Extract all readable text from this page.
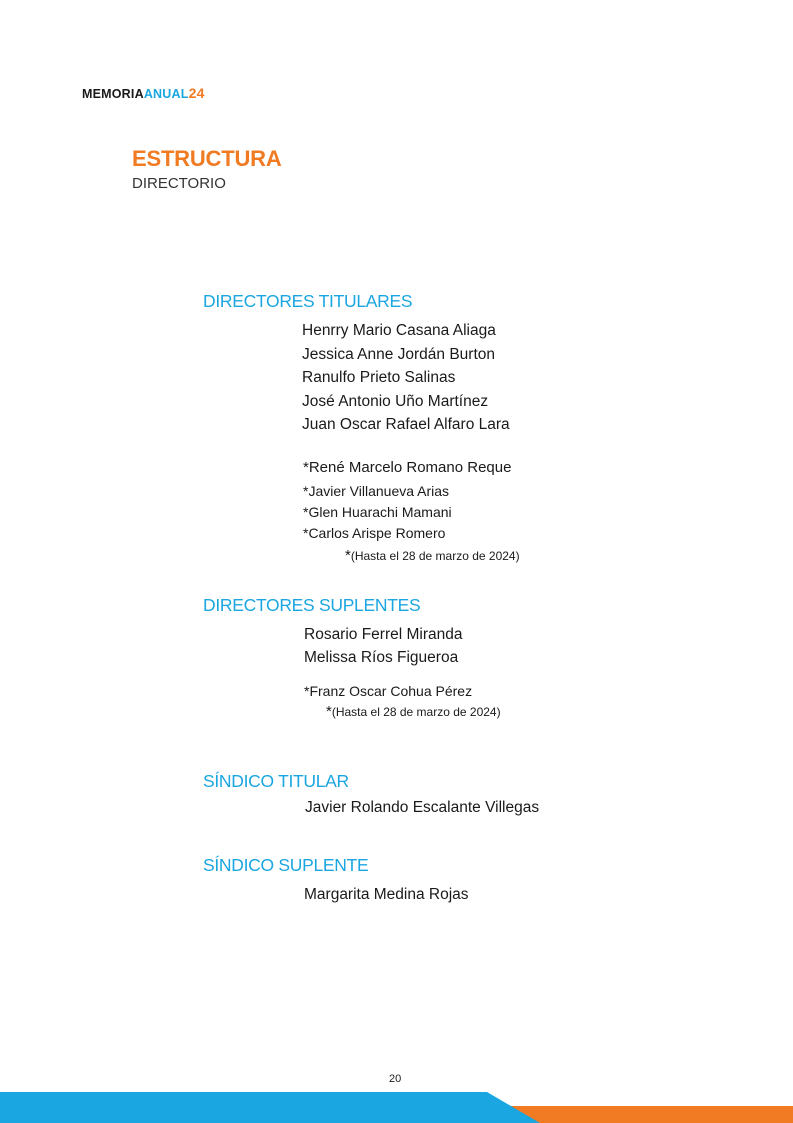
MEMORIAANUAL24
ESTRUCTURA
DIRECTORIO
DIRECTORES TITULARES
Henrry Mario Casana Aliaga
Jessica Anne Jordán Burton
Ranulfo Prieto Salinas
José Antonio Uño Martínez
Juan Oscar Rafael Alfaro Lara
*René Marcelo Romano Reque
*Javier Villanueva Arias
*Glen Huarachi Mamani
*Carlos Arispe Romero
*(Hasta el 28 de marzo de 2024)
DIRECTORES SUPLENTES
Rosario Ferrel Miranda
Melissa Ríos Figueroa
*Franz Oscar Cohua Pérez
*(Hasta el 28 de marzo de 2024)
SÍNDICO TITULAR
Javier Rolando Escalante Villegas
SÍNDICO SUPLENTE
Margarita Medina Rojas
20
